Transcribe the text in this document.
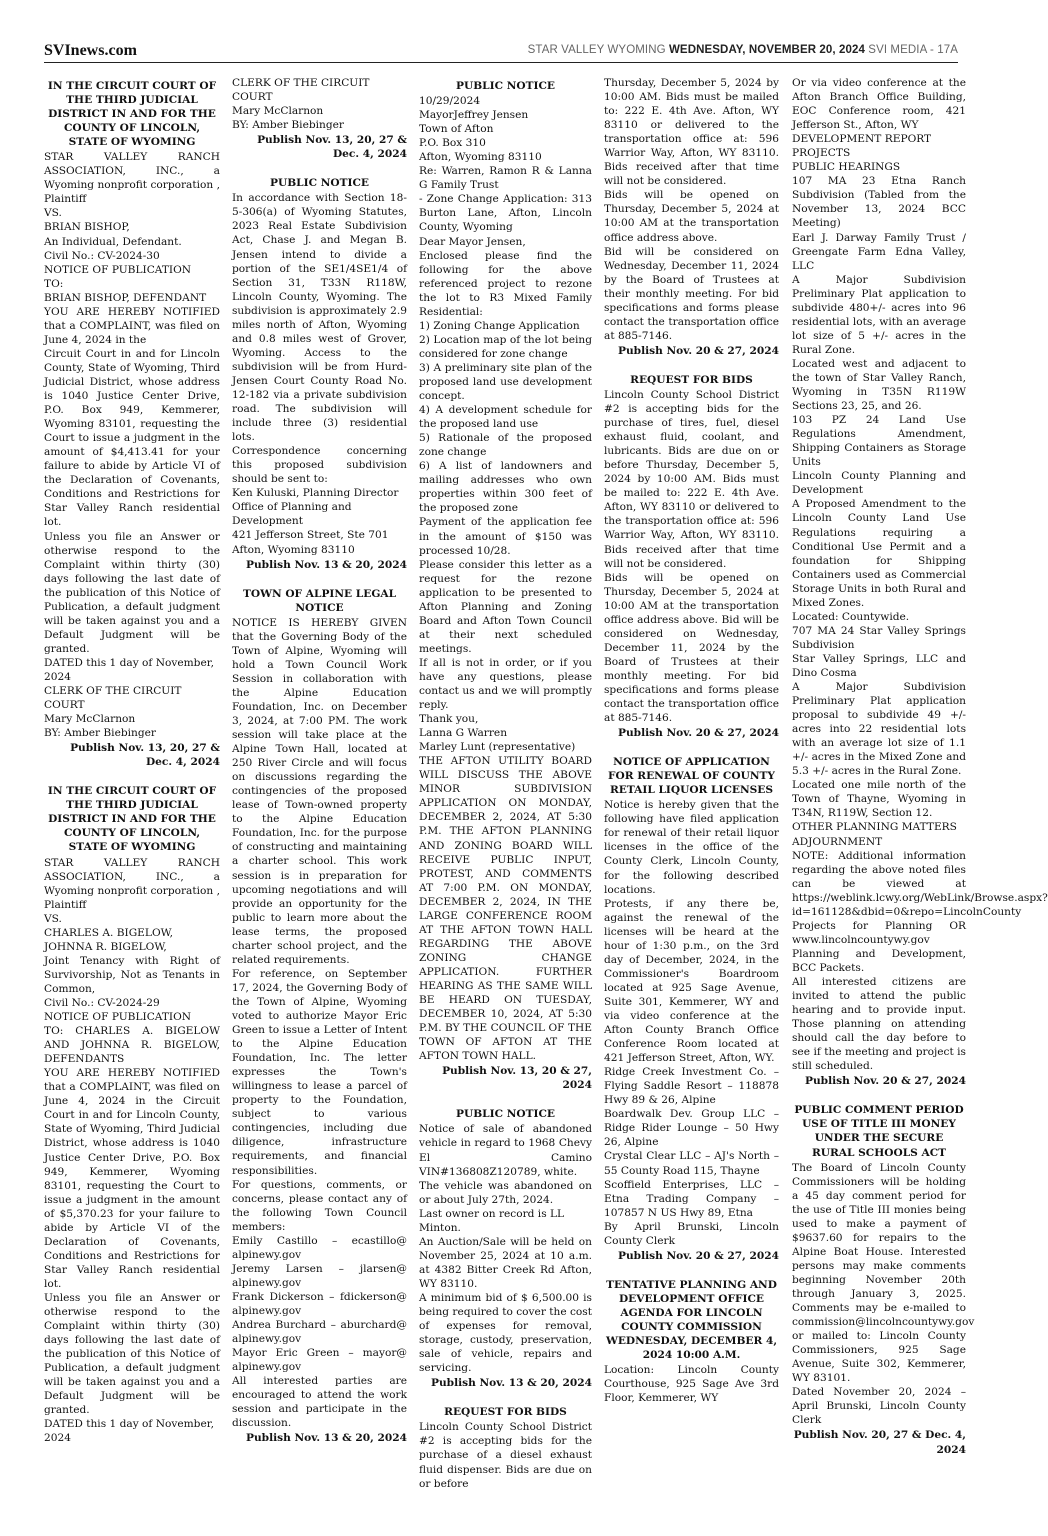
SVInews.com	STAR VALLEY WYOMING WEDNESDAY, NOVEMBER 20, 2024 SVI MEDIA - 17A
IN THE CIRCUIT COURT OF THE THIRD JUDICIAL DISTRICT IN AND FOR THE COUNTY OF LINCOLN, STATE OF WYOMING
STAR VALLEY RANCH ASSOCIATION, INC., a Wyoming nonprofit corporation , Plaintiff
VS.
BRIAN BISHOP,
An Individual, Defendant.
Civil No.: CV-2024-30
NOTICE OF PUBLICATION
TO:
BRIAN BISHOP, DEFENDANT
YOU ARE HEREBY NOTIFIED that a COMPLAINT, was filed on June 4, 2024 in the
Circuit Court in and for Lincoln County, State of Wyoming, Third Judicial District, whose address is 1040 Justice Center Drive, P.O. Box 949, Kemmerer, Wyoming 83101, requesting the Court to issue a judgment in the amount of $4,413.41 for your failure to abide by Article VI of the Declaration of Covenants, Conditions and Restrictions for Star Valley Ranch residential lot.
Unless you file an Answer or otherwise respond to the Complaint within thirty (30) days following the last date of the publication of this Notice of Publication, a default judgment will be taken against you and a Default Judgment will be granted.
DATED this 1 day of November, 2024
CLERK OF THE CIRCUIT COURT
Mary McClarnon
BY: Amber Biebinger
Publish Nov. 13, 20, 27 & Dec. 4, 2024
IN THE CIRCUIT COURT OF THE THIRD JUDICIAL DISTRICT IN AND FOR THE COUNTY OF LINCOLN, STATE OF WYOMING
STAR VALLEY RANCH ASSOCIATION, INC., a Wyoming nonprofit corporation , Plaintiff
VS.
CHARLES A. BIGELOW,
JOHNNA R. BIGELOW,
Joint Tenancy with Right of Survivorship, Not as Tenants in Common,
Civil No.: CV-2024-29
NOTICE OF PUBLICATION
TO: CHARLES A. BIGELOW AND JOHNNA R. BIGELOW, DEFENDANTS
YOU ARE HEREBY NOTIFIED that a COMPLAINT, was filed on June 4, 2024 in the Circuit Court in and for Lincoln County, State of Wyoming, Third Judicial District, whose address is 1040 Justice Center Drive, P.O. Box 949, Kemmerer, Wyoming 83101, requesting the Court to issue a judgment in the amount of $5,370.23 for your failure to abide by Article VI of the Declaration of Covenants, Conditions and Restrictions for Star Valley Ranch residential lot.
Unless you file an Answer or otherwise respond to the Complaint within thirty (30) days following the last date of the publication of this Notice of Publication, a default judgment will be taken against you and a Default Judgment will be granted.
DATED this 1 day of November, 2024
CLERK OF THE CIRCUIT COURT
Mary McClarnon
BY: Amber Biebinger
Publish Nov. 13, 20, 27 & Dec. 4, 2024
PUBLIC NOTICE
In accordance with Section 18-5-306(a) of Wyoming Statutes, 2023 Real Estate Subdivision Act, Chase J. and Megan B. Jensen intend to divide a portion of the SE1/4SE1/4 of Section 31, T33N R118W, Lincoln County, Wyoming. The subdivision is approximately 2.9 miles north of Afton, Wyoming and 0.8 miles west of Grover, Wyoming. Access to the subdivision will be from Hurd-Jensen Court County Road No. 12-182 via a private subdivision road. The subdivision will include three (3) residential lots.
Correspondence concerning this proposed subdivision should be sent to:
Ken Kuluski, Planning Director
Office of Planning and Development
421 Jefferson Street, Ste 701
Afton, Wyoming 83110
Publish Nov. 13 & 20, 2024
TOWN OF ALPINE LEGAL NOTICE
NOTICE IS HEREBY GIVEN that the Governing Body of the Town of Alpine, Wyoming will hold a Town Council Work Session in collaboration with the Alpine Education Foundation, Inc. on December 3, 2024, at 7:00 PM. The work session will take place at the Alpine Town Hall, located at 250 River Circle and will focus on discussions regarding the contingencies of the proposed lease of Town-owned property to the Alpine Education Foundation, Inc. for the purpose of constructing and maintaining a charter school. This work session is in preparation for upcoming negotiations and will provide an opportunity for the public to learn more about the lease terms, the proposed charter school project, and the related requirements.
For reference, on September 17, 2024, the Governing Body of the Town of Alpine, Wyoming voted to authorize Mayor Eric Green to issue a Letter of Intent to the Alpine Education Foundation, Inc. The letter expresses the Town's willingness to lease a parcel of property to the Foundation, subject to various contingencies, including due diligence, infrastructure requirements, and financial responsibilities.
For questions, comments, or concerns, please contact any of the following Town Council members:
Emily Castillo – ecastillo@ alpinewy.gov
Jeremy Larsen – jlarsen@ alpinewy.gov
Frank Dickerson – fdickerson@ alpinewy.gov
Andrea Burchard – aburchard@ alpinewy.gov
Mayor Eric Green – mayor@ alpinewy.gov
All interested parties are encouraged to attend the work session and participate in the discussion.
Publish Nov. 13 & 20, 2024
PUBLIC NOTICE
10/29/2024
MayorJeffrey Jensen
Town of Afton
P.O. Box 310
Afton, Wyoming 83110
Re: Warren, Ramon R & Lanna G Family Trust
- Zone Change Application: 313 Burton Lane, Afton, Lincoln County, Wyoming
Dear Mayor Jensen,
Enclosed please find the following for the above referenced project to rezone the lot to R3 Mixed Family Residential:
1) Zoning Change Application
2) Location map of the lot being considered for zone change
3) A preliminary site plan of the proposed land use development concept.
4) A development schedule for the proposed land use
5) Rationale of the proposed zone change
6) A list of landowners and mailing addresses who own properties within 300 feet of the proposed zone
Payment of the application fee in the amount of $150 was processed 10/28.
Please consider this letter as a request for the rezone application to be presented to Afton Planning and Zoning Board and Afton Town Council at their next scheduled meetings.
If all is not in order, or if you have any questions, please contact us and we will promptly reply.
Thank you,
Lanna G Warren
Marley Lunt (representative)
THE AFTON UTILITY BOARD WILL DISCUSS THE ABOVE MINOR SUBDIVISION APPLICATION ON MONDAY, DECEMBER 2, 2024, AT 5:30 P.M. THE AFTON PLANNING AND ZONING BOARD WILL RECEIVE PUBLIC INPUT, PROTEST, AND COMMENTS AT 7:00 P.M. ON MONDAY, DECEMBER 2, 2024, IN THE LARGE CONFERENCE ROOM AT THE AFTON TOWN HALL REGARDING THE ABOVE ZONING CHANGE APPLICATION. FURTHER HEARING AS THE SAME WILL BE HEARD ON TUESDAY, DECEMBER 10, 2024, AT 5:30 P.M. BY THE COUNCIL OF THE TOWN OF AFTON AT THE AFTON TOWN HALL.
Publish Nov. 13, 20 & 27, 2024
PUBLIC NOTICE
Notice of sale of abandoned vehicle in regard to 1968 Chevy El Camino VIN#136808Z120789, white.
The vehicle was abandoned on or about July 27th, 2024.
Last owner on record is LL Minton.
An Auction/Sale will be held on November 25, 2024 at 10 a.m. at 4382 Bitter Creek Rd Afton, WY 83110.
A minimum bid of $ 6,500.00 is being required to cover the cost of expenses for removal, storage, custody, preservation, sale of vehicle, repairs and servicing.
Publish Nov. 13 & 20, 2024
REQUEST FOR BIDS
Lincoln County School District #2 is accepting bids for the purchase of a diesel exhaust fluid dispenser. Bids are due on or before
Thursday, December 5, 2024 by 10:00 AM. Bids must be mailed to: 222 E. 4th Ave. Afton, WY 83110 or delivered to the transportation office at: 596 Warrior Way, Afton, WY 83110. Bids received after that time will not be considered.
Bids will be opened on Thursday, December 5, 2024 at 10:00 AM at the transportation office address above.
Bid will be considered on Wednesday, December 11, 2024 by the Board of Trustees at their monthly meeting. For bid specifications and forms please contact the transportation office at 885-7146.
Publish Nov. 20 & 27, 2024
REQUEST FOR BIDS
Lincoln County School District #2 is accepting bids for the purchase of tires, fuel, diesel exhaust fluid, coolant, and lubricants. Bids are due on or before Thursday, December 5, 2024 by 10:00 AM. Bids must be mailed to: 222 E. 4th Ave. Afton, WY 83110 or delivered to the transportation office at: 596 Warrior Way, Afton, WY 83110. Bids received after that time will not be considered.
Bids will be opened on Thursday, December 5, 2024 at 10:00 AM at the transportation office address above. Bid will be considered on Wednesday, December 11, 2024 by the Board of Trustees at their monthly meeting. For bid specifications and forms please contact the transportation office at 885-7146.
Publish Nov. 20 & 27, 2024
NOTICE OF APPLICATION FOR RENEWAL OF COUNTY RETAIL LIQUOR LICENSES
Notice is hereby given that the following have filed application for renewal of their retail liquor licenses in the office of the County Clerk, Lincoln County, for the following described locations.
Protests, if any there be, against the renewal of the licenses will be heard at the hour of 1:30 p.m., on the 3rd day of December, 2024, in the Commissioner's Boardroom located at 925 Sage Avenue, Suite 301, Kemmerer, WY and via video conference at the Afton County Branch Office Conference Room located at 421 Jefferson Street, Afton, WY.
Ridge Creek Investment Co. – Flying Saddle Resort – 118878 Hwy 89 & 26, Alpine
Boardwalk Dev. Group LLC – Ridge Rider Lounge – 50 Hwy 26, Alpine
Crystal Clear LLC – AJ's North – 55 County Road 115, Thayne
Scoffield Enterprises, LLC – Etna Trading Company – 107857 N US Hwy 89, Etna
By April Brunski, Lincoln County Clerk
Publish Nov. 20 & 27, 2024
TENTATIVE PLANNING AND DEVELOPMENT OFFICE AGENDA FOR LINCOLN COUNTY COMMISSION WEDNESDAY, DECEMBER 4, 2024 10:00 A.M.
Location: Lincoln County Courthouse, 925 Sage Ave 3rd Floor, Kemmerer, WY
Or via video conference at the Afton Branch Office Building, EOC Conference room, 421 Jefferson St., Afton, WY
DEVELOPMENT REPORT
PROJECTS
PUBLIC HEARINGS
107 MA 23 Etna Ranch Subdivision (Tabled from the November 13, 2024 BCC Meeting)
Earl J. Darway Family Trust / Greengate Farm Edna Valley, LLC
A Major Subdivision Preliminary Plat application to subdivide 480+/- acres into 96 residential lots, with an average lot size of 5 +/- acres in the Rural Zone.
Located west and adjacent to the town of Star Valley Ranch, Wyoming in T35N R119W Sections 23, 25, and 26.
103 PZ 24 Land Use Regulations Amendment, Shipping Containers as Storage Units
Lincoln County Planning and Development
A Proposed Amendment to the Lincoln County Land Use Regulations requiring a Conditional Use Permit and a foundation for Shipping Containers used as Commercial Storage Units in both Rural and Mixed Zones.
Located: Countywide.
707 MA 24 Star Valley Springs Subdivision
Star Valley Springs, LLC and Dino Cosma
A Major Subdivision Preliminary Plat application proposal to subdivide 49 +/- acres into 22 residential lots with an average lot size of 1.1 +/- acres in the Mixed Zone and 5.3 +/- acres in the Rural Zone.
Located one mile north of the Town of Thayne, Wyoming in T34N, R119W, Section 12.
OTHER PLANNING MATTERS
ADJOURNMENT
NOTE: Additional information regarding the above noted files can be viewed at https://weblink.lcwy.org/WebLink/Browse.aspx?id=161128&dbid=0&repo=LincolnCounty
Projects for Planning OR www.lincolncountywy.gov Planning and Development, BCC Packets.
All interested citizens are invited to attend the public hearing and to provide input. Those planning on attending should call the day before to see if the meeting and project is still scheduled.
Publish Nov. 20 & 27, 2024
PUBLIC COMMENT PERIOD USE OF TITLE III MONEY UNDER THE SECURE RURAL SCHOOLS ACT
The Board of Lincoln County Commissioners will be holding a 45 day comment period for the use of Title III monies being used to make a payment of $9637.60 for repairs to the Alpine Boat House. Interested persons may make comments beginning November 20th through January 3, 2025. Comments may be e-mailed to commission@lincolncountywy.gov or mailed to: Lincoln County Commissioners, 925 Sage Avenue, Suite 302, Kemmerer, WY 83101.
Dated November 20, 2024 – April Brunski, Lincoln County Clerk
Publish Nov. 20, 27 & Dec. 4, 2024
